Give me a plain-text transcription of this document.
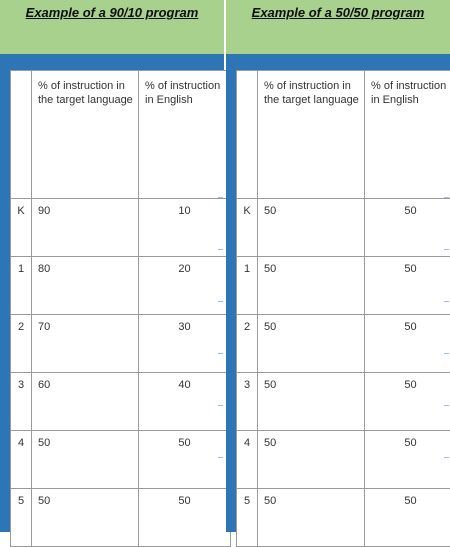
Example of a 90/10 program	Example of a 50/50 program

	% of instruction in the target language	% of instruction in English

K	90	10
1	80	20
2	70	30
3	60	40
4	50	50
5	50	50

	% of instruction in the target language	% of instruction in English

K	50	50
1	50	50
2	50	50
3	50	50
4	50	50
5	50	50
